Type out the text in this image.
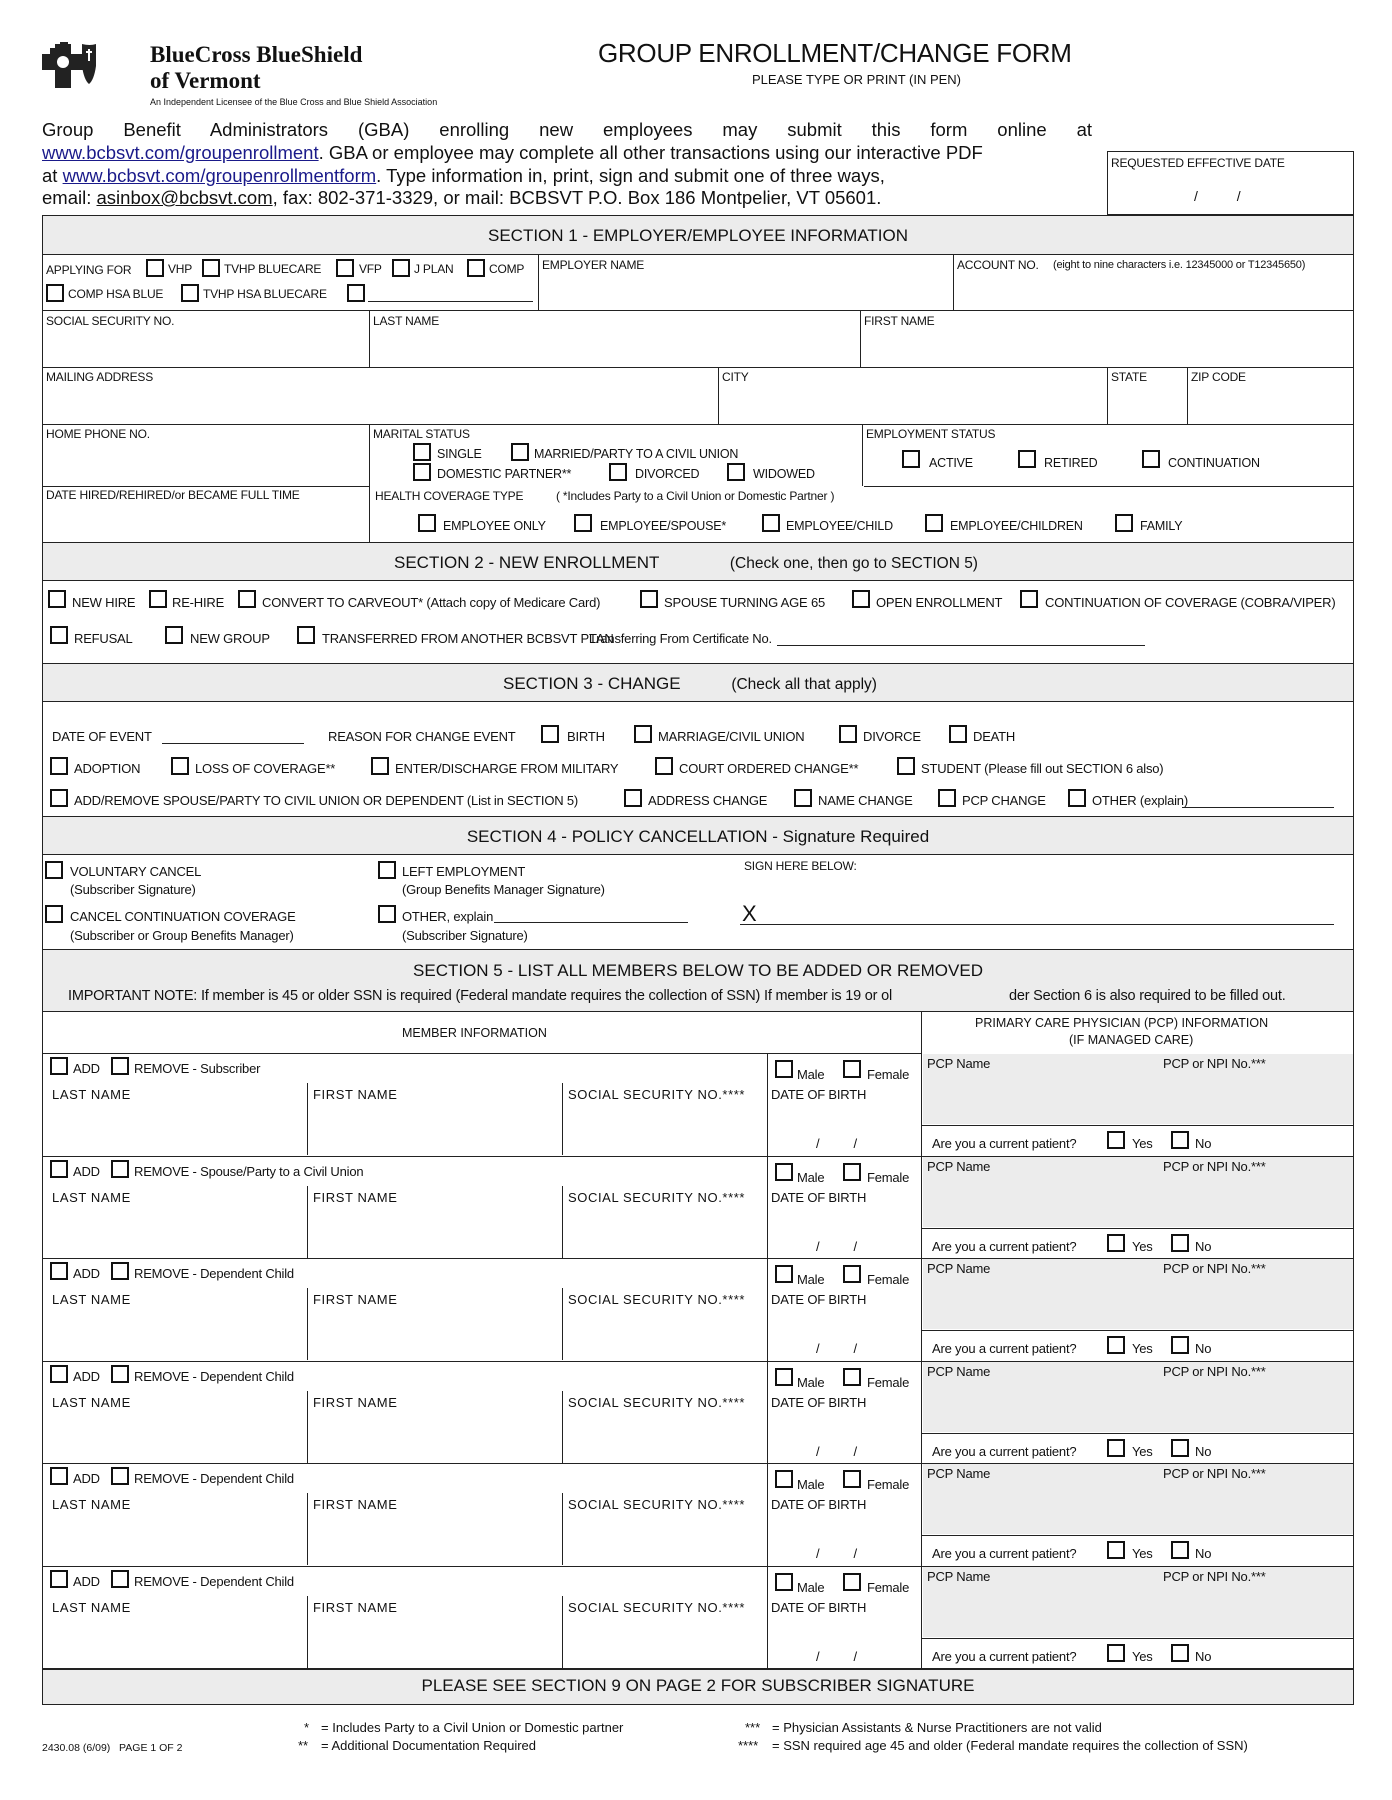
BlueCross BlueShield
of Vermont
An Independent Licensee of the Blue Cross and Blue Shield Association
GROUP ENROLLMENT/CHANGE FORM
PLEASE TYPE OR PRINT (IN PEN)
Group Benefit Administrators (GBA) enrolling new employees may submit this form online at
www.bcbsvt.com/groupenrollment. GBA or employee may complete all other transactions using our interactive PDF
at www.bcbsvt.com/groupenrollmentform. Type information in, print, sign and submit one of three ways,
email: asinbox@bcbsvt.com, fax: 802-371-3329, or mail: BCBSVT P.O. Box 186 Montpelier, VT 05601.
REQUESTED EFFECTIVE DATE
/          /
SECTION 1 - EMPLOYER/EMPLOYEE INFORMATION
APPLYING FOR	VHP	TVHP BLUECARE	VFP	J PLAN	COMP
COMP HSA BLUE	TVHP HSA BLUECARE
EMPLOYER NAME	ACCOUNT NO. (eight to nine characters i.e. 12345000 or T12345650)
SOCIAL SECURITY NO.	LAST NAME	FIRST NAME
MAILING ADDRESS	CITY	STATE	ZIP CODE
HOME PHONE NO.	MARITAL STATUS
SINGLE	MARRIED/PARTY TO A CIVIL UNION
DOMESTIC PARTNER**	DIVORCED	WIDOWED
EMPLOYMENT STATUS
ACTIVE	RETIRED	CONTINUATION
DATE HIRED/REHIRED/or BECAME FULL TIME	HEALTH COVERAGE TYPE	( *Includes Party to a Civil Union or Domestic Partner )
EMPLOYEE ONLY	EMPLOYEE/SPOUSE*	EMPLOYEE/CHILD	EMPLOYEE/CHILDREN	FAMILY
SECTION 2 - NEW ENROLLMENT	(Check one, then go to SECTION 5)
NEW HIRE	RE-HIRE	CONVERT TO CARVEOUT* (Attach copy of Medicare Card)	SPOUSE TURNING AGE 65	OPEN ENROLLMENT	CONTINUATION OF COVERAGE (COBRA/VIPER)
REFUSAL	NEW GROUP	TRANSFERRED FROM ANOTHER BCBSVT PLAN
Transferring From Certificate No.
SECTION 3 - CHANGE	(Check all that apply)
DATE OF EVENT	REASON FOR CHANGE EVENT	BIRTH	MARRIAGE/CIVIL UNION	DIVORCE	DEATH
ADOPTION	LOSS OF COVERAGE**	ENTER/DISCHARGE FROM MILITARY	COURT ORDERED CHANGE**	STUDENT (Please fill out SECTION 6 also)
ADD/REMOVE SPOUSE/PARTY TO CIVIL UNION OR DEPENDENT (List in SECTION 5)	ADDRESS CHANGE	NAME CHANGE	PCP CHANGE	OTHER (explain)
SECTION 4 - POLICY CANCELLATION - Signature Required
VOLUNTARY CANCEL
(Subscriber Signature)
CANCEL CONTINUATION COVERAGE
(Subscriber or Group Benefits Manager)
LEFT EMPLOYMENT
(Group Benefits Manager Signature)
OTHER, explain
(Subscriber Signature)
SIGN HERE BELOW:
X
SECTION 5 - LIST ALL MEMBERS BELOW TO BE ADDED OR REMOVED
IMPORTANT NOTE: If member is 45 or older SSN is required (Federal mandate requires the collection of SSN) If member is 19 or ol	der Section 6 is also required to be filled out.
MEMBER INFORMATION
PRIMARY CARE PHYSICIAN (PCP) INFORMATION
(IF MANAGED CARE)
ADD	REMOVE - Subscriber
LAST NAME	FIRST NAME	SOCIAL SECURITY NO.****
Male	Female
DATE OF BIRTH
/          /
PCP Name	PCP or NPI No.***
Are you a current patient?	Yes	No
ADD	REMOVE - Spouse/Party to a Civil Union
LAST NAME	FIRST NAME	SOCIAL SECURITY NO.****
Male	Female
DATE OF BIRTH
/          /
PCP Name	PCP or NPI No.***
Are you a current patient?	Yes	No
ADD	REMOVE - Dependent Child
LAST NAME	FIRST NAME	SOCIAL SECURITY NO.****
Male	Female
DATE OF BIRTH
/          /
PCP Name	PCP or NPI No.***
Are you a current patient?	Yes	No
ADD	REMOVE - Dependent Child
LAST NAME	FIRST NAME	SOCIAL SECURITY NO.****
Male	Female
DATE OF BIRTH
/          /
PCP Name	PCP or NPI No.***
Are you a current patient?	Yes	No
ADD	REMOVE - Dependent Child
LAST NAME	FIRST NAME	SOCIAL SECURITY NO.****
Male	Female
DATE OF BIRTH
/          /
PCP Name	PCP or NPI No.***
Are you a current patient?	Yes	No
ADD	REMOVE - Dependent Child
LAST NAME	FIRST NAME	SOCIAL SECURITY NO.****
Male	Female
DATE OF BIRTH
/          /
PCP Name	PCP or NPI No.***
Are you a current patient?	Yes	No
PLEASE SEE SECTION 9 ON PAGE 2 FOR SUBSCRIBER SIGNATURE
* = Includes Party to a Civil Union or Domestic partner
** = Additional Documentation Required
*** = Physician Assistants & Nurse Practitioners are not valid
**** = SSN required age 45 and older (Federal mandate requires the collection of SSN)
2430.08 (6/09)   PAGE 1 OF 2
